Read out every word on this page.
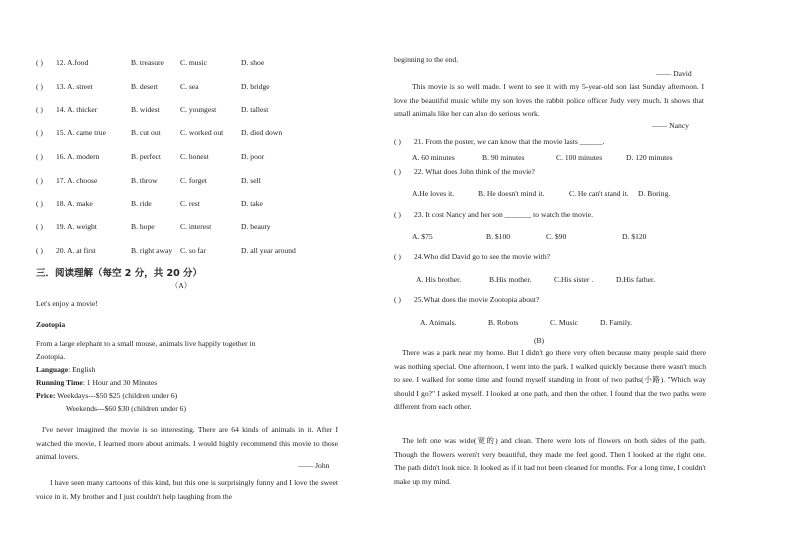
( ) 12. A.food	B. treasure C. music	D. shoe
( ) 13. A. street	B. desert	C. sea	D. bridge
( ) 14. A. thicker	B. widest	C. youngest	D. tallest
( ) 15. A. came true	B. cut out	C. worked out D. died down
( ) 16. A. modern	B. perfect	C. honest	D. poor
( ) 17. A. choose	B. throw	C. forget	D. sell
( ) 18. A. make	B. ride	C. rest	D. take
( ) 19. A. weight	B. hope	C. interest	D. beauty
( ) 20. A. at first	B. right away C. so far	D. all year around
三．阅读理解（每空 2 分，共 20 分）
（A）
Let's enjoy a movie!
Zootopia
From a large elephant to a small mouse, animals live happily together in
Zootopia.
Language: English
Running Time: 1 Hour and 30 Minutes
Price: Weekdays---$50 $25 (children under 6)
Weekends---$60 $30 (children under 6)
I've never imagined the movie is so interesting. There are 64 kinds of animals in it. After I watched the movie, I learned more about animals. I would highly recommend this movie to those animal lovers.
—— John
I have seen many cartoons of this kind, but this one is surprisingly funny and I love the sweet voice in it. My brother and I just couldn't help laughing from the
beginning to the end.
—— David
This movie is so well made. I went to see it with my 5-year-old son last Sunday afternoon. I love the beautiful music while my son loves the rabbit police officer Judy very much. It shows that small animals like her can also do serious work.
—— Nancy
( ) 21. From the poster, we can know that the movie lasts ______.
A. 60 minutes	B. 90 minutes	C. 100 minutes	D. 120 minutes
( ) 22. What does John think of the movie?
A.He loves it.	B. He doesn't mind it.	C. He can't stand it. D. Boring.
( ) 23. It cost Nancy and her son _______ to watch the movie.
A. $75	B. $100	C. $90	D. $120
( ) 24.Who did David go to see the movie with?
A. His brother.	B.His mother.	C.His sister .	D.His father.
( ) 25.What does the movie Zootopia about?
A. Animals.	B. Robots	C. Music	D. Family.
(B)
There was a park near my home. But I didn't go there very often because many people said there was nothing special. One afternoon, I went into the park. I walked quickly because there wasn't much to see. I walked for some time and found myself standing in front of two paths(小路). "Which way should I go?" I asked myself. I looked at one path, and then the other. I found that the two paths were different from each other.
The left one was wide(宽的) and clean. There were lots of flowers on both sides of the path. Though the flowers weren't very beautiful, they made me feel good. Then I looked at the right one. The path didn't look nice. It looked as if it had not been cleaned for months. For a long time, I couldn't make up my mind.
